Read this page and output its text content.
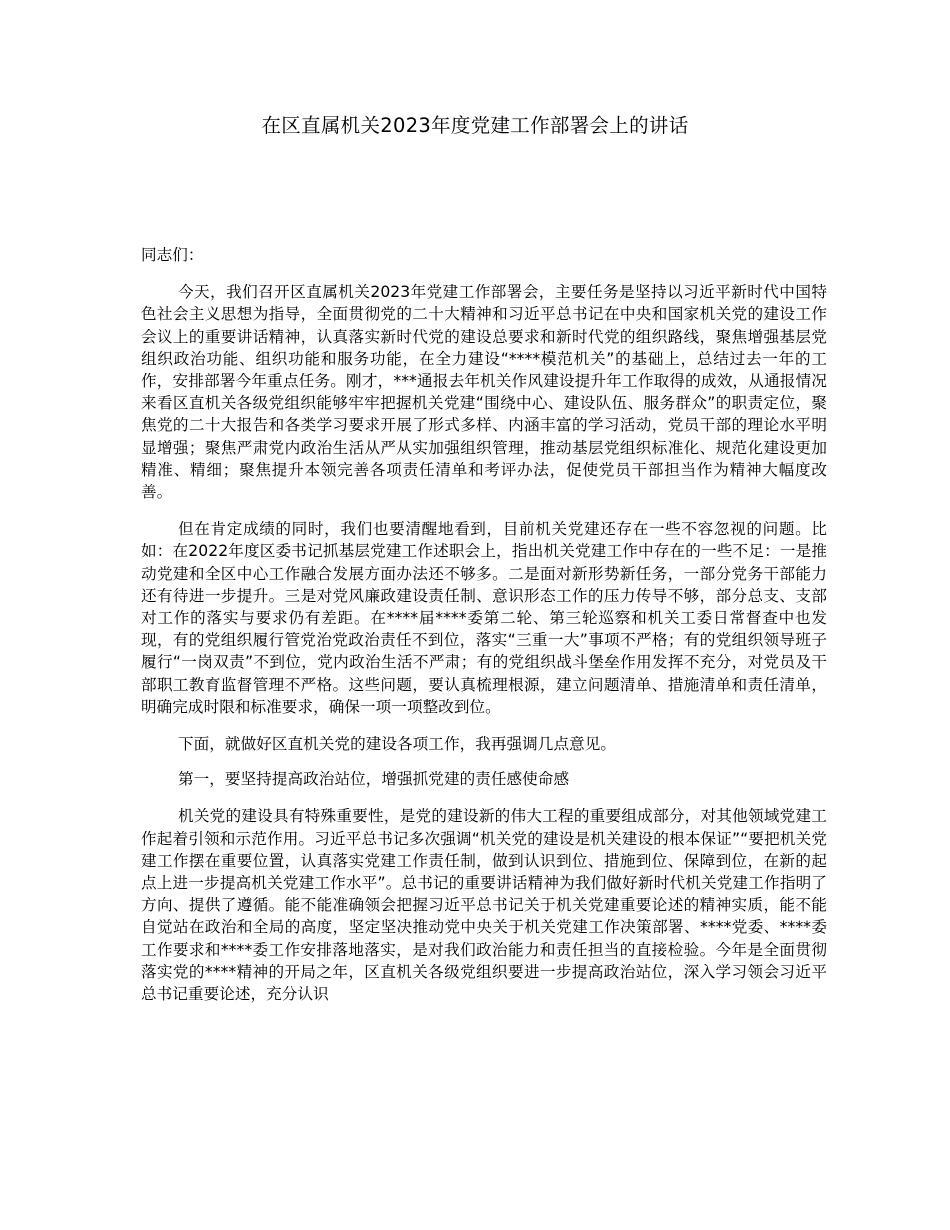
在区直属机关2023年度党建工作部署会上的讲话

同志们：

今天，我们召开区直属机关2023年党建工作部署会，主要任务是坚持以习近平新时代中国特色社会主义思想为指导，全面贯彻党的二十大精神和习近平总书记在中央和国家机关党的建设工作会议上的重要讲话精神，认真落实新时代党的建设总要求和新时代党的组织路线，聚焦增强基层党组织政治功能、组织功能和服务功能，在全力建设“****模范机关”的基础上，总结过去一年的工作，安排部署今年重点任务。刚才，***通报去年机关作风建设提升年工作取得的成效，从通报情况来看区直机关各级党组织能够牢牢把握机关党建“围绕中心、建设队伍、服务群众”的职责定位，聚焦党的二十大报告和各类学习要求开展了形式多样、内涵丰富的学习活动，党员干部的理论水平明显增强；聚焦严肃党内政治生活从严从实加强组织管理，推动基层党组织标准化、规范化建设更加精准、精细；聚焦提升本领完善各项责任清单和考评办法，促使党员干部担当作为精神大幅度改善。

但在肯定成绩的同时，我们也要清醒地看到，目前机关党建还存在一些不容忽视的问题。比如：在2022年度区委书记抓基层党建工作述职会上，指出机关党建工作中存在的一些不足：一是推动党建和全区中心工作融合发展方面办法还不够多。二是面对新形势新任务，一部分党务干部能力还有待进一步提升。三是对党风廉政建设责任制、意识形态工作的压力传导不够，部分总支、支部对工作的落实与要求仍有差距。在****届****委第二轮、第三轮巡察和机关工委日常督查中也发现，有的党组织履行管党治党政治责任不到位，落实“三重一大”事项不严格；有的党组织领导班子履行“一岗双责”不到位，党内政治生活不严肃；有的党组织战斗堡垒作用发挥不充分，对党员及干部职工教育监督管理不严格。这些问题，要认真梳理根源，建立问题清单、措施清单和责任清单，明确完成时限和标准要求，确保一项一项整改到位。

下面，就做好区直机关党的建设各项工作，我再强调几点意见。

第一，要坚持提高政治站位，增强抓党建的责任感使命感

机关党的建设具有特殊重要性，是党的建设新的伟大工程的重要组成部分，对其他领域党建工作起着引领和示范作用。习近平总书记多次强调“机关党的建设是机关建设的根本保证”“要把机关党建工作摆在重要位置，认真落实党建工作责任制，做到认识到位、措施到位、保障到位，在新的起点上进一步提高机关党建工作水平”。总书记的重要讲话精神为我们做好新时代机关党建工作指明了方向、提供了遵循。能不能准确领会把握习近平总书记关于机关党建重要论述的精神实质，能不能自觉站在政治和全局的高度，坚定坚决推动党中央关于机关党建工作决策部署、****党委、****委工作要求和****委工作安排落地落实，是对我们政治能力和责任担当的直接检验。今年是全面贯彻落实党的****精神的开局之年，区直机关各级党组织要进一步提高政治站位，深入学习领会习近平总书记重要论述，充分认识
